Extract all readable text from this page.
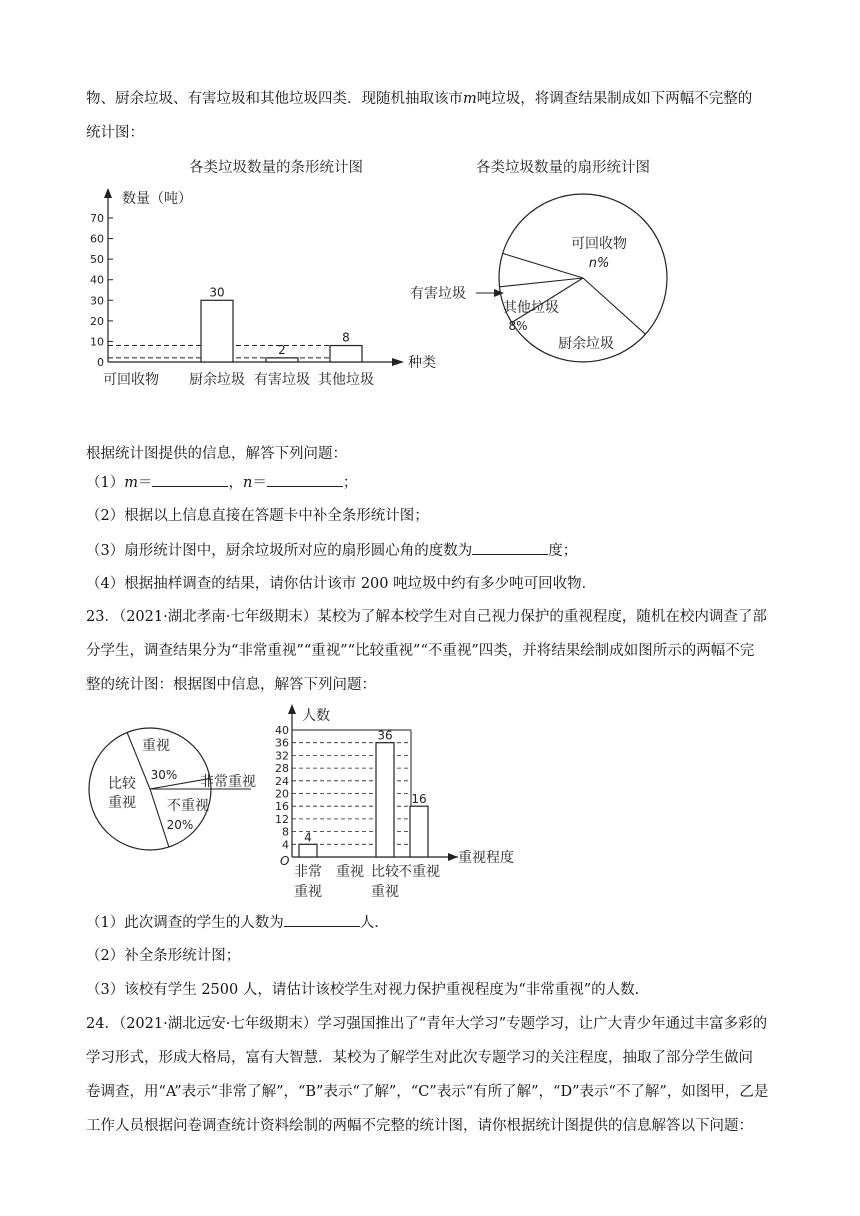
物、厨余垃圾、有害垃圾和其他垃圾四类．现随机抽取该市m吨垃圾，将调查结果制成如下两幅不完整的
统计图：
各类垃圾数量的条形统计图
数量（吨）
种类
0
10
20
30
40
50
60
70
可回收物
30
厨余垃圾
2
有害垃圾
8
其他垃圾
各类垃圾数量的扇形统计图
可回收物
n%
其他垃圾
8%
厨余垃圾
有害垃圾
根据统计图提供的信息，解答下列问题：
（1）m＝	，n＝	；
（2）根据以上信息直接在答题卡中补全条形统计图；
（3）扇形统计图中，厨余垃圾所对应的扇形圆心角的度数为	度；
（4）根据抽样调查的结果，请你估计该市 200 吨垃圾中约有多少吨可回收物．
23．（2021·湖北孝南·七年级期末）某校为了解本校学生对自己视力保护的重视程度，随机在校内调查了部
分学生，调查结果分为“非常重视”“重视”“比较重视”“不重视”四类，并将结果绘制成如图所示的两幅不完
整的统计图：根据图中信息，解答下列问题：
重视
30% 非常重视
不重视
20%
比较
重视
人数
重视程度
O
4
8
12
16
20
24
28
32
36
40
4
非常
重视
重视
36
比较
重视
16
不重视
（1）此次调查的学生的人数为	人．
（2）补全条形统计图；
（3）该校有学生 2500 人，请估计该校学生对视力保护重视程度为“非常重视”的人数．
24．（2021·湖北远安·七年级期末）学习强国推出了“青年大学习”专题学习，让广大青少年通过丰富多彩的
学习形式，形成大格局，富有大智慧．某校为了解学生对此次专题学习的关注程度，抽取了部分学生做问
卷调查，用“A”表示“非常了解”，“B”表示“了解”，“C”表示“有所了解”，“D”表示“不了解”，如图甲，乙是
工作人员根据问卷调查统计资料绘制的两幅不完整的统计图，请你根据统计图提供的信息解答以下问题：
